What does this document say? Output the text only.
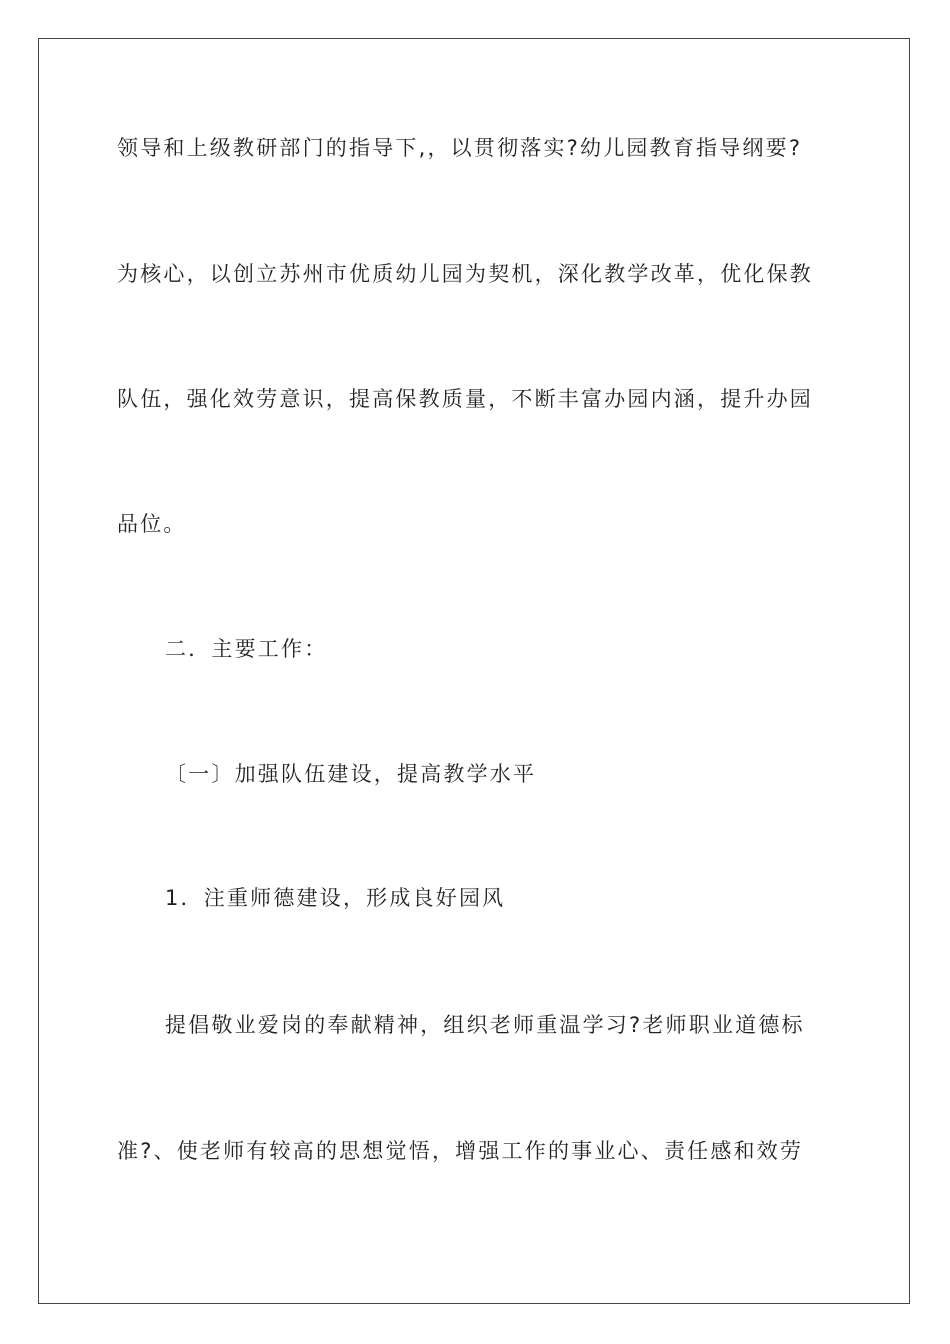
领导和上级教研部门的指导下,，以贯彻落实?幼儿园教育指导纲要?
为核心，以创立苏州市优质幼儿园为契机，深化教学改革，优化保教
队伍，强化效劳意识，提高保教质量，不断丰富办园内涵，提升办园
品位。
二．主要工作：
〔一〕加强队伍建设，提高教学水平
1．注重师德建设，形成良好园风
提倡敬业爱岗的奉献精神，组织老师重温学习?老师职业道德标
准?、使老师有较高的思想觉悟，增强工作的事业心、责任感和效劳
